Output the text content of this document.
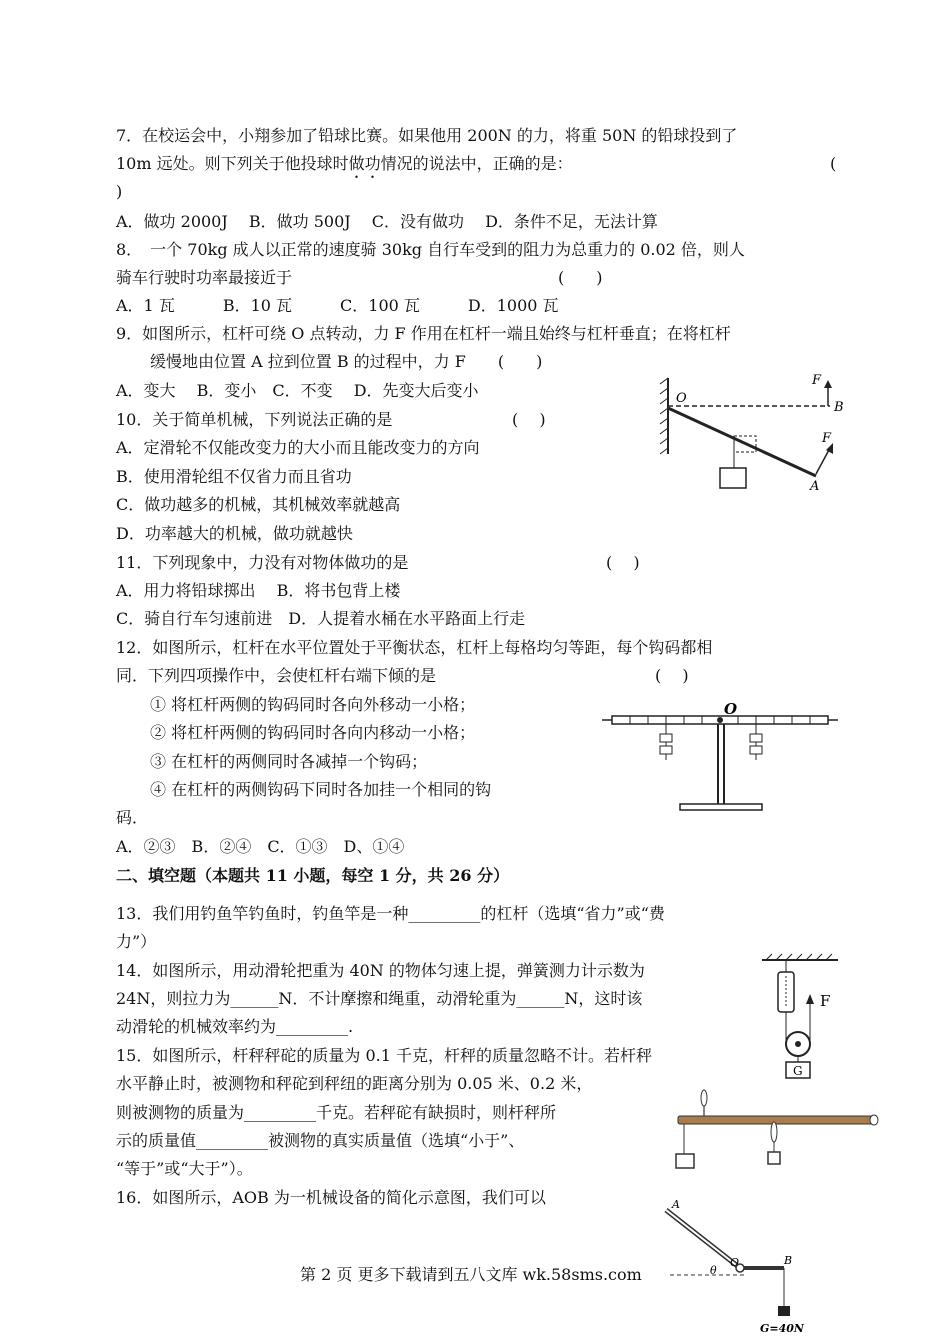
7．在校运会中，小翔参加了铅球比赛。如果他用 200N 的力，将重 50N 的铅球投到了
10m 远处。则下列关于他投球时做功情况的说法中，正确的是：	(
)
A．做功 2000J　 B．做功 500J　 C．没有做功　 D．条件不足，无法计算
8．　一个 70kg 成人以正常的速度骑 30kg 自行车受到的阻力为总重力的 0.02 倍，则人
骑车行驶时功率最接近于	(　　)
A．1 瓦　　　B．10 瓦　　　C．100 瓦　　　D．1000 瓦
9．如图所示，杠杆可绕 O 点转动，力 F 作用在杠杆一端且始终与杠杆垂直；在将杠杆
缓慢地由位置 A 拉到位置 B 的过程中，力 F　　(　　)
A．变大　 B．变小　C．不变　 D．先变大后变小	O
B
F
F
A
10．关于简单机械，下列说法正确的是	(　 )
A．定滑轮不仅能改变力的大小而且能改变力的方向
B．使用滑轮组不仅省力而且省功
C．做功越多的机械，其机械效率就越高
D．功率越大的机械，做功就越快
11．下列现象中，力没有对物体做功的是	(　 )
A．用力将铅球掷出　 B．将书包背上楼
C．骑自行车匀速前进　D．人提着水桶在水平路面上行走
12．如图所示，杠杆在水平位置处于平衡状态，杠杆上每格均匀等距，每个钩码都相
同．下列四项操作中，会使杠杆右端下倾的是	(　 )
① 将杠杆两侧的钩码同时各向外移动一小格；
② 将杠杆两侧的钩码同时各向内移动一小格；
③ 在杠杆的两侧同时各减掉一个钩码；
④ 在杠杆的两侧钩码下同时各加挂一个相同的钩
码．
A．②③　B．②④　C．①③　D、①④
O
二、填空题（本题共 11 小题，每空 1 分，共 26 分）
13．我们用钓鱼竿钓鱼时，钓鱼竿是一种_________的杠杆（选填“省力”或“费
力”）
14．如图所示，用动滑轮把重为 40N 的物体匀速上提，弹簧测力计示数为
24N，则拉力为______N．不计摩擦和绳重，动滑轮重为______N，这时该
动滑轮的机械效率约为_________.
F
G
15．如图所示，杆秤秤砣的质量为 0.1 千克，杆秤的质量忽略不计。若杆秤
水平静止时，被测物和秤砣到秤纽的距离分别为 0.05 米、0.2 米，
则被测物的质量为_________千克。若秤砣有缺损时，则杆秤所
示的质量值_________被测物的真实质量值（选填“小于”、
“等于”或“大于”）。
16．如图所示，AOB 为一机械设备的简化示意图，我们可以	A
O
θ
B
G=40N
第 2 页 更多下载请到五八文库 wk.58sms.com
